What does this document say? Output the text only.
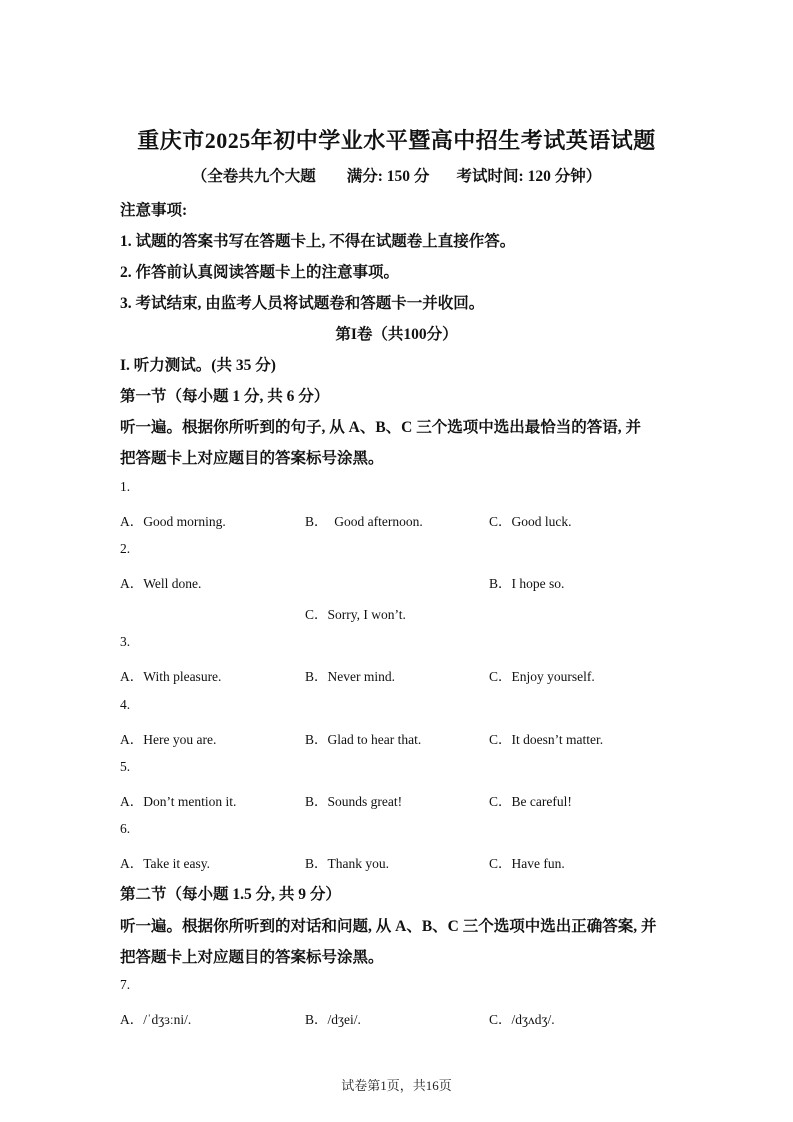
重庆市2025年初中学业水平暨高中招生考试英语试题
（全卷共九个大题        满分: 150 分       考试时间: 120 分钟）
注意事项:
1. 试题的答案书写在答题卡上, 不得在试题卷上直接作答。
2. 作答前认真阅读答题卡上的注意事项。
3. 考试结束, 由监考人员将试题卷和答题卡一并收回。
第I卷（共100分）
I. 听力测试。(共 35 分)
第一节（每小题 1 分, 共 6 分）
听一遍。根据你所听到的句子, 从 A、B、C 三个选项中选出最恰当的答语, 并
把答题卡上对应题目的答案标号涂黑。
1.
A．Good morning.	B．  Good afternoon.	C．Good luck.
2.
A．Well done.	B．I hope so.
C．Sorry, I won’t.
3.
A．With pleasure.	B．Never mind.	C．Enjoy yourself.
4.
A．Here you are.	B．Glad to hear that.	C．It doesn’t matter.
5.
A．Don’t mention it.	B．Sounds great!	C．Be careful!
6.
A．Take it easy.	B．Thank you.	C．Have fun.
第二节（每小题 1.5 分, 共 9 分）
听一遍。根据你所听到的对话和问题, 从 A、B、C 三个选项中选出正确答案, 并
把答题卡上对应题目的答案标号涂黑。
7.
A．/ˈdʒɜːni/.	B．/dʒei/.	C．/dʒʌdʒ/.
试卷第1页，共16页
